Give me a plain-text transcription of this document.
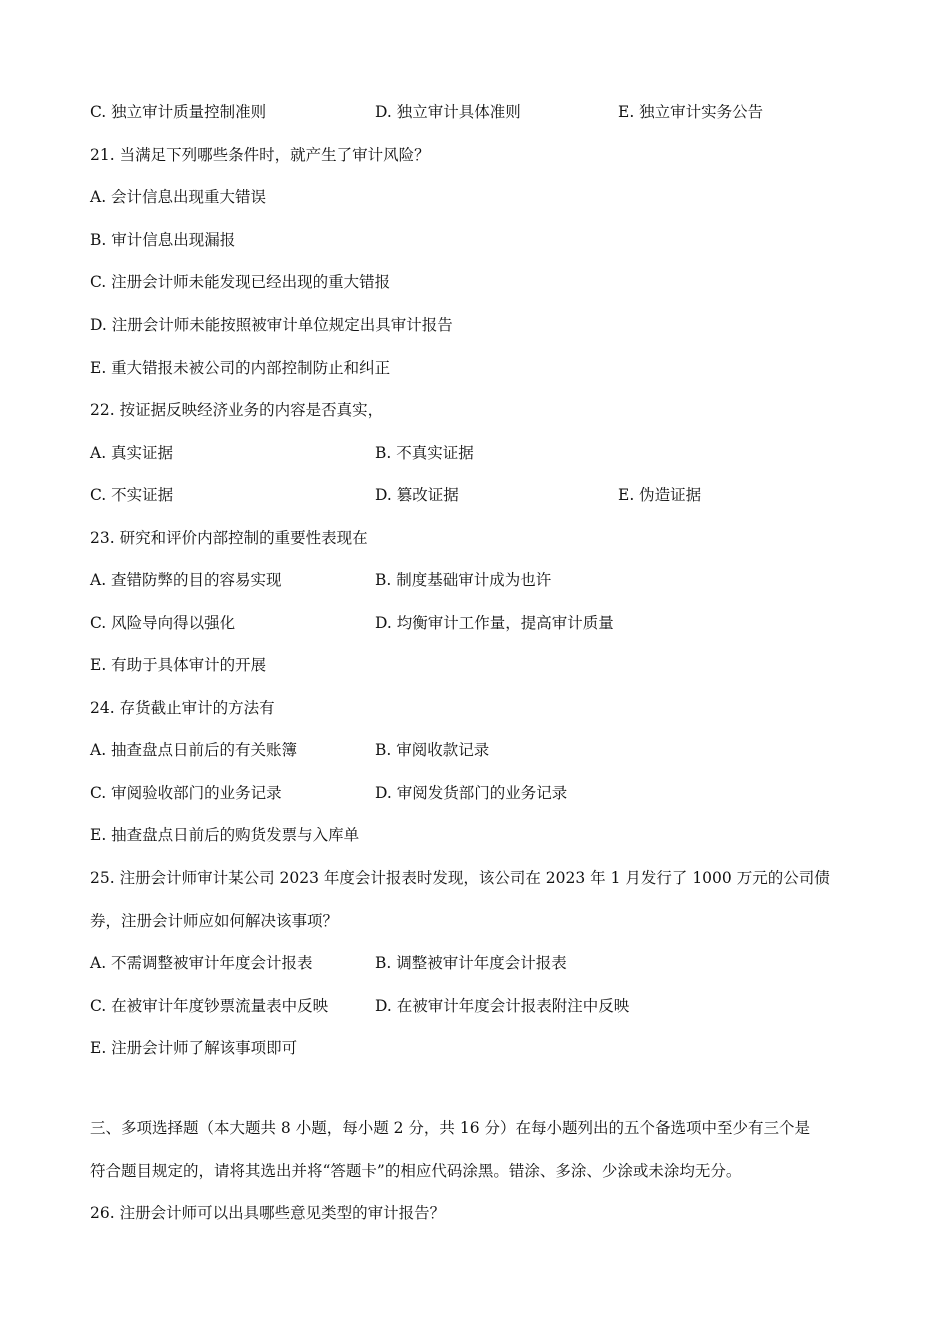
C. 独立审计质量控制准则	D. 独立审计具体准则	E. 独立审计实务公告
21. 当满足下列哪些条件时，就产生了审计风险？
A. 会计信息出现重大错误
B. 审计信息出现漏报
C. 注册会计师未能发现已经出现的重大错报
D. 注册会计师未能按照被审计单位规定出具审计报告
E. 重大错报未被公司的内部控制防止和纠正
22. 按证据反映经济业务的内容是否真实，
A. 真实证据	B. 不真实证据
C. 不实证据	D. 篡改证据	E. 伪造证据
23. 研究和评价内部控制的重要性表现在
A. 查错防弊的目的容易实现	B. 制度基础审计成为也许
C. 风险导向得以强化	D. 均衡审计工作量，提高审计质量
E. 有助于具体审计的开展
24. 存货截止审计的方法有
A. 抽查盘点日前后的有关账簿	B. 审阅收款记录
C. 审阅验收部门的业务记录	D. 审阅发货部门的业务记录
E. 抽查盘点日前后的购货发票与入库单
25. 注册会计师审计某公司 2023 年度会计报表时发现，该公司在 2023 年 1 月发行了 1000 万元的公司债
券，注册会计师应如何解决该事项？
A. 不需调整被审计年度会计报表	B. 调整被审计年度会计报表
C. 在被审计年度钞票流量表中反映	D. 在被审计年度会计报表附注中反映
E. 注册会计师了解该事项即可
三、多项选择题（本大题共 8 小题，每小题 2 分，共 16 分）在每小题列出的五个备选项中至少有三个是
符合题目规定的，请将其选出并将“答题卡”的相应代码涂黑。错涂、多涂、少涂或未涂均无分。
26. 注册会计师可以出具哪些意见类型的审计报告？
